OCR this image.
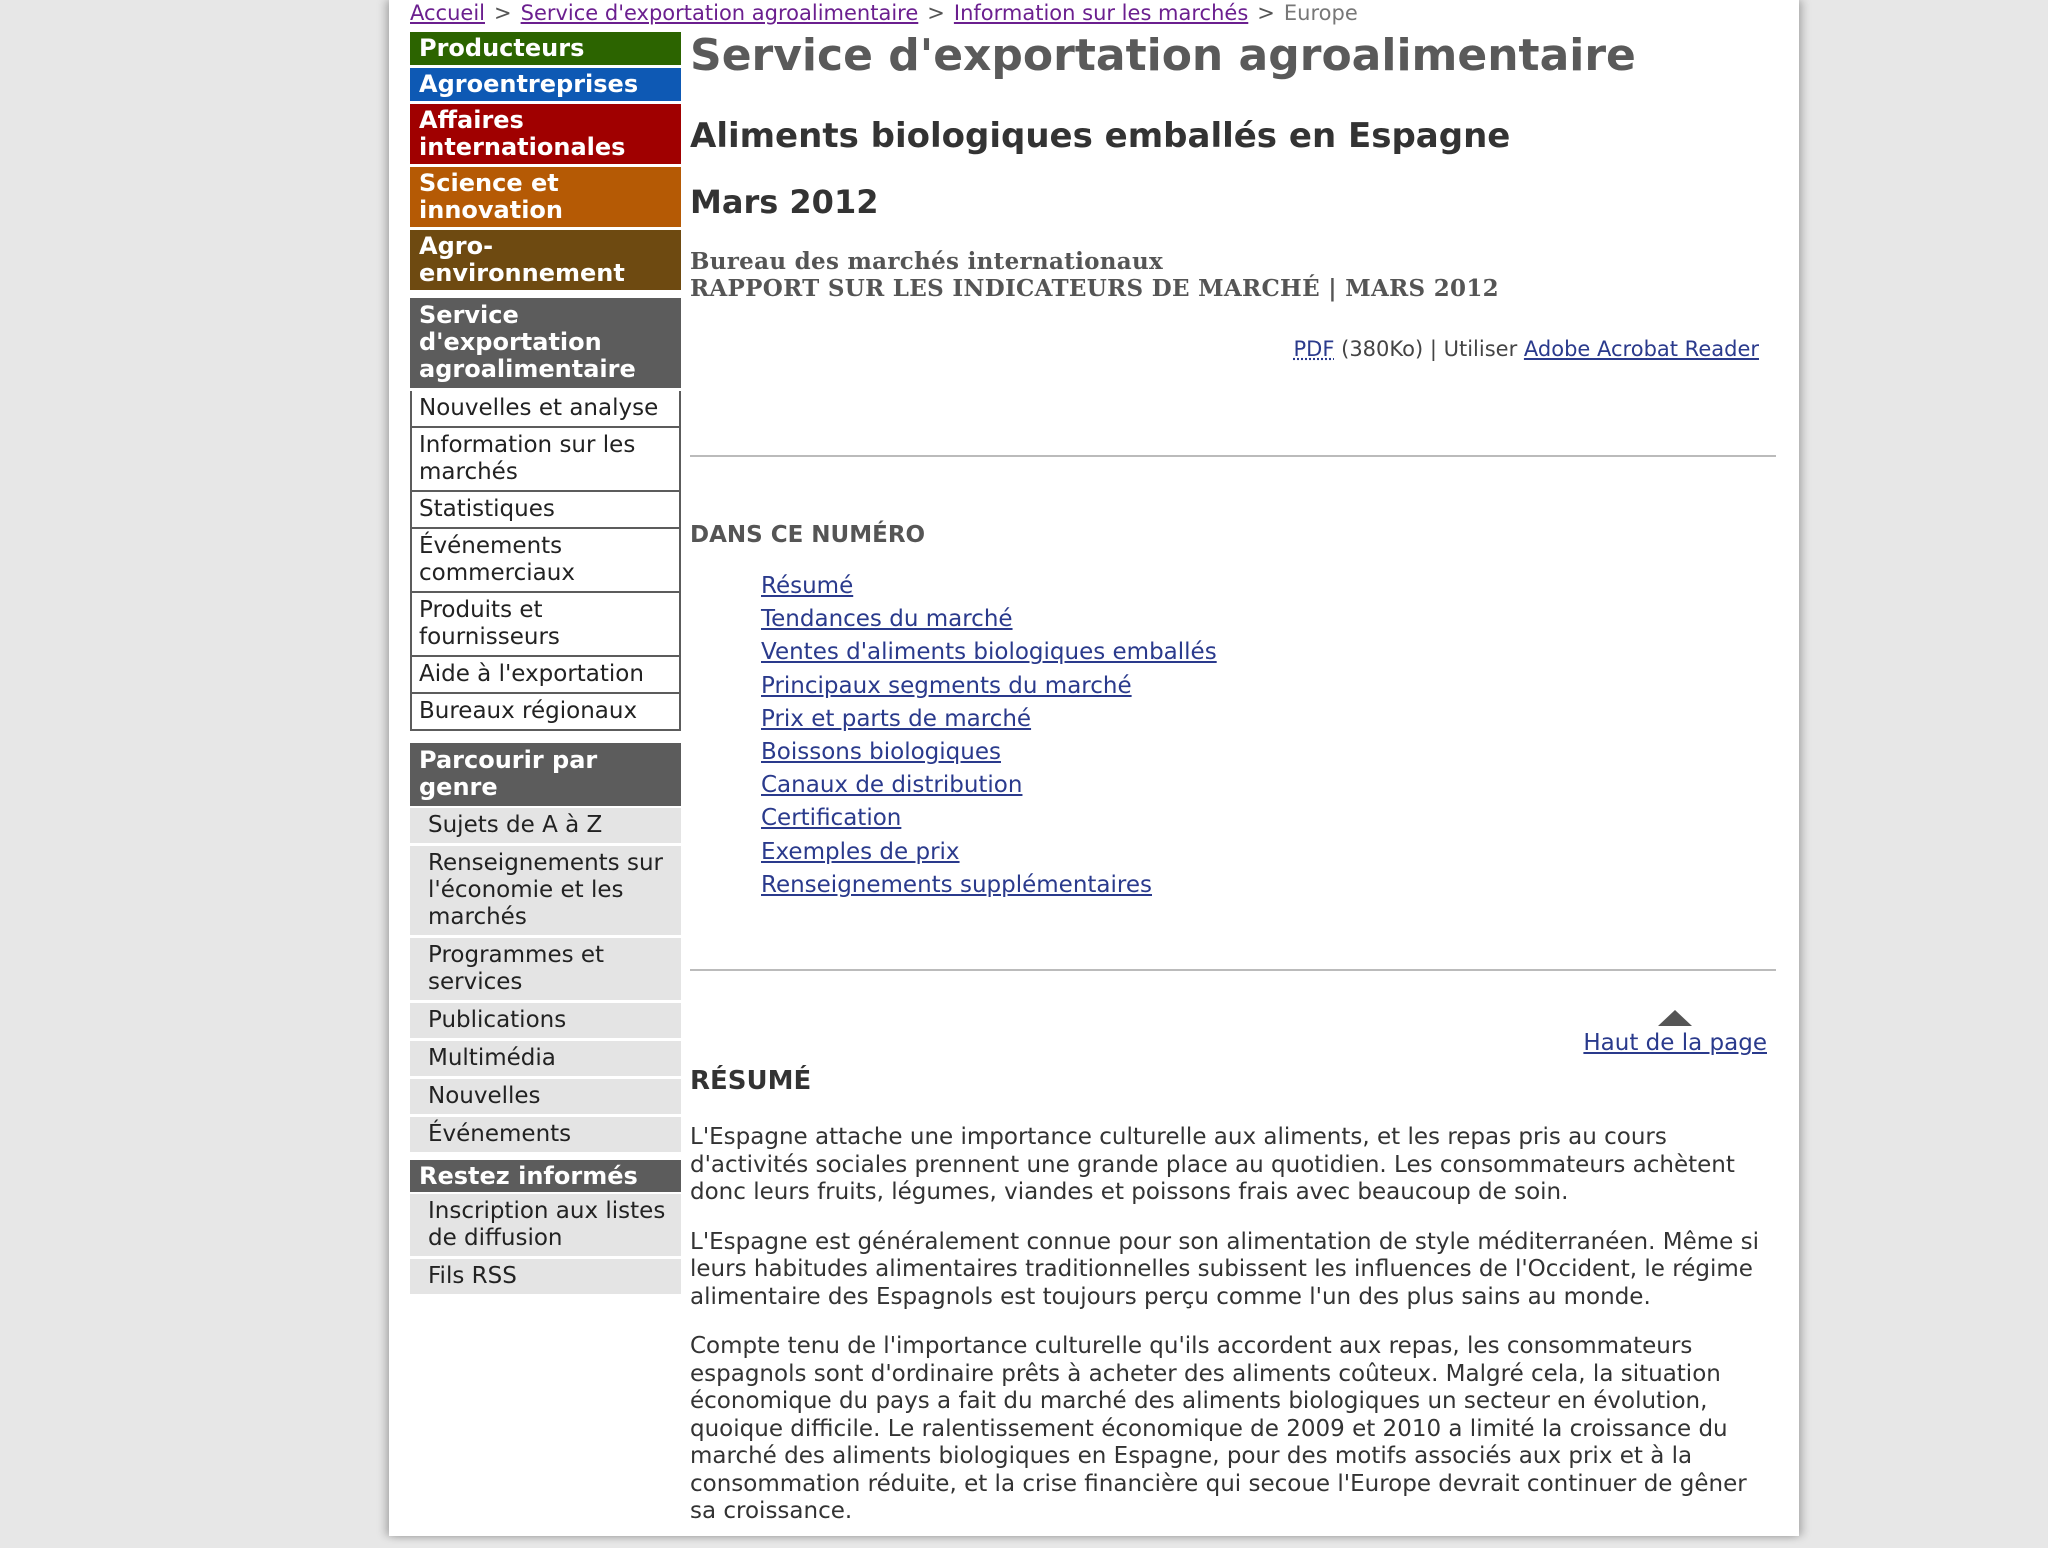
Accueil > Service d'exportation agroalimentaire > Information sur les marchés > Europe
Producteurs
Agroentreprises
Affaires internationales
Science et innovation
Agro-environnement
Service d'exportation agroalimentaire
Nouvelles et analyse
Information sur les marchés
Statistiques
Événements commerciaux
Produits et fournisseurs
Aide à l'exportation
Bureaux régionaux
Parcourir par genre
Sujets de A à Z
Renseignements sur l'économie et les marchés
Programmes et services
Publications
Multimédia
Nouvelles
Événements
Restez informés
Inscription aux listes de diffusion
Fils RSS
Service d'exportation agroalimentaire
Aliments biologiques emballés en Espagne
Mars 2012
Bureau des marchés internationaux
RAPPORT SUR LES INDICATEURS DE MARCHÉ | MARS 2012
PDF (380Ko) | Utiliser Adobe Acrobat Reader
DANS CE NUMÉRO
Résumé
Tendances du marché
Ventes d'aliments biologiques emballés
Principaux segments du marché
Prix et parts de marché
Boissons biologiques
Canaux de distribution
Certification
Exemples de prix
Renseignements supplémentaires
Haut de la page
RÉSUMÉ

L'Espagne attache une importance culturelle aux aliments, et les repas pris au cours d'activités sociales prennent une grande place au quotidien. Les consommateurs achètent donc leurs fruits, légumes, viandes et poissons frais avec beaucoup de soin.

L'Espagne est généralement connue pour son alimentation de style méditerranéen. Même si leurs habitudes alimentaires traditionnelles subissent les influences de l'Occident, le régime alimentaire des Espagnols est toujours perçu comme l'un des plus sains au monde.

Compte tenu de l'importance culturelle qu'ils accordent aux repas, les consommateurs espagnols sont d'ordinaire prêts à acheter des aliments coûteux. Malgré cela, la situation économique du pays a fait du marché des aliments biologiques un secteur en évolution, quoique difficile. Le ralentissement économique de 2009 et 2010 a limité la croissance du marché des aliments biologiques en Espagne, pour des motifs associés aux prix et à la consommation réduite, et la crise financière qui secoue l'Europe devrait continuer de gêner sa croissance.
